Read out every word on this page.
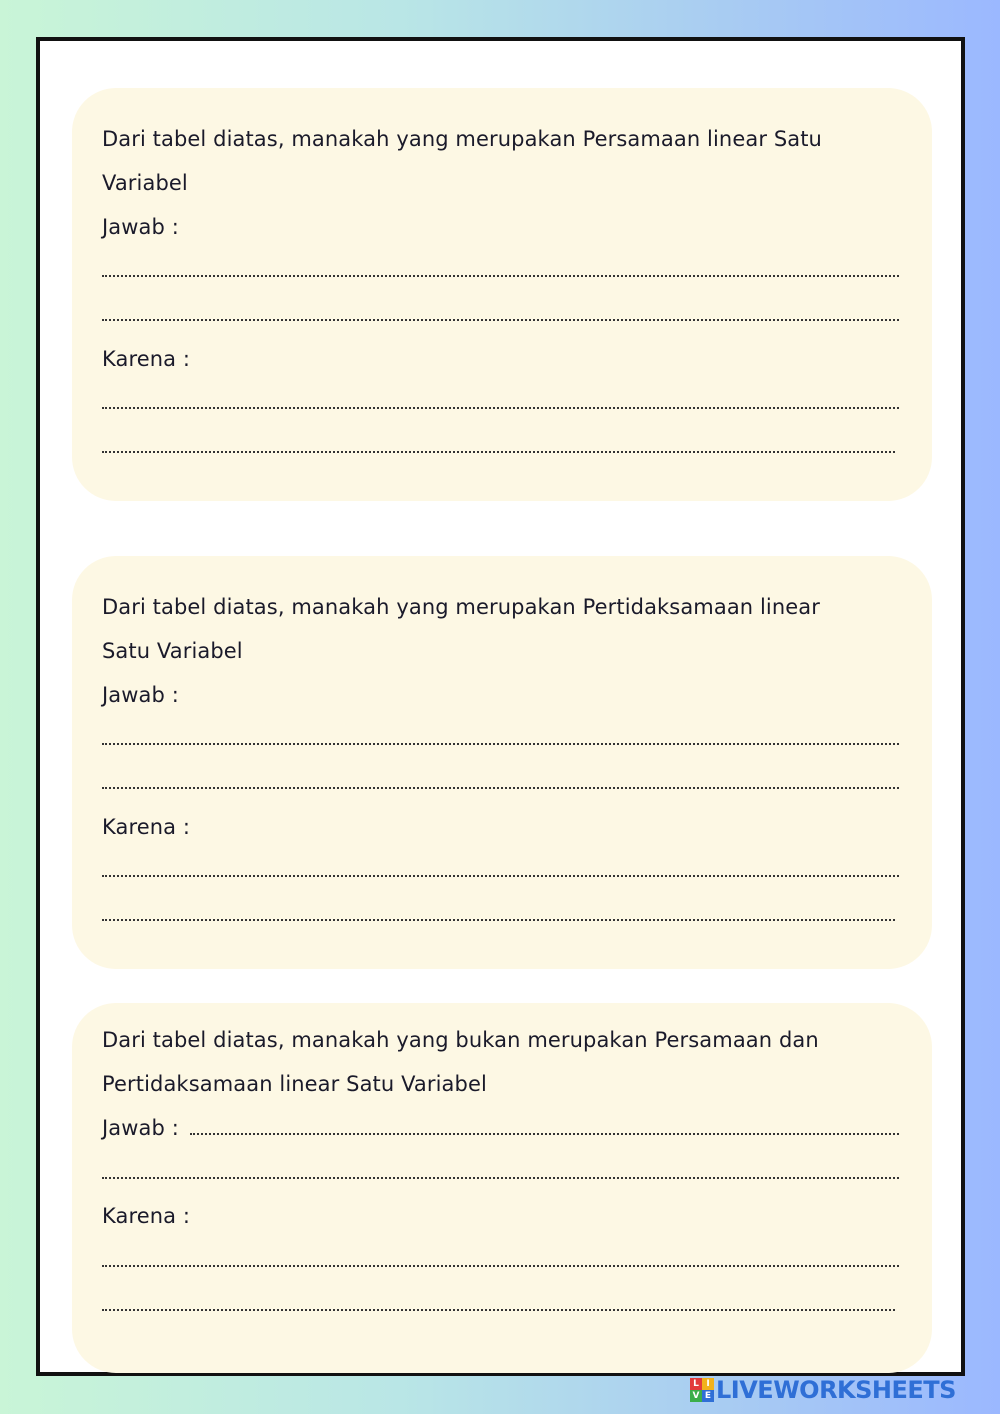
Dari tabel diatas, manakah yang merupakan Persamaan linear Satu

Variabel

Jawab :

Karena :

Dari tabel diatas, manakah yang merupakan Pertidaksamaan linear

Satu Variabel

Jawab :

Karena :

Dari tabel diatas, manakah yang bukan merupakan Persamaan dan

Pertidaksamaan linear Satu Variabel

Jawab :

Karena :

L I
V E LIVEWORKSHEETS
